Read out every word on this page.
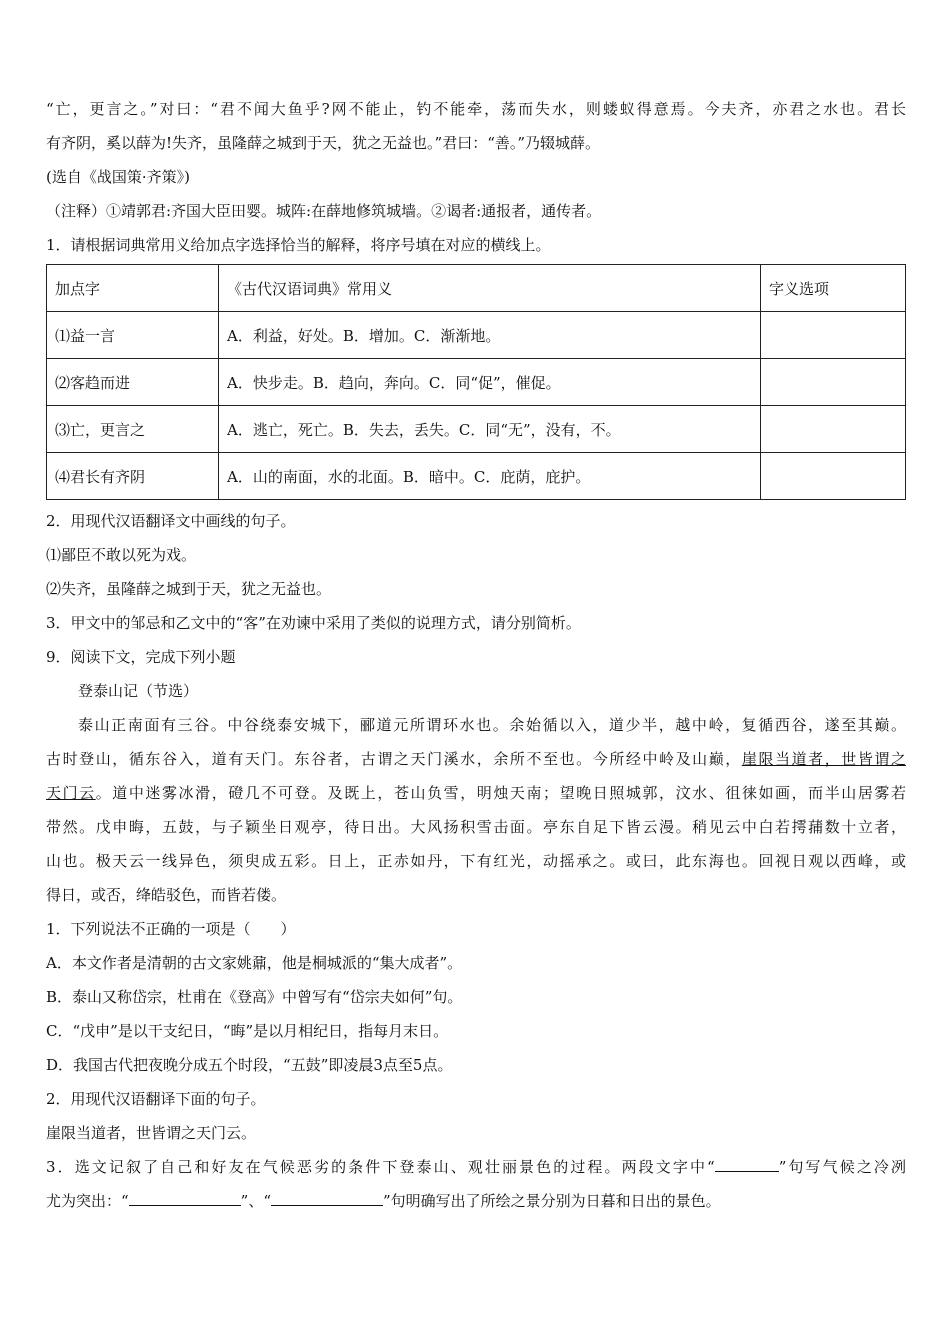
“亡，更言之。”对曰：“君不闻大鱼乎?网不能止，钓不能牵，荡而失水，则蝼蚁得意焉。今夫齐，亦君之水也。君长

有齐阴，奚以薛为!失齐，虽隆薛之城到于天，犹之无益也。”君曰：“善。”乃辍城薛。

(选自《战国策·齐策》)

（注释）①靖郭君:齐国大臣田婴。城阵:在薛地修筑城墙。②谒者:通报者，通传者。

1．请根据词典常用义给加点字选择恰当的解释，将序号填在对应的横线上。

加点字	《古代汉语词典》常用义	字义选项
⑴益一言	A．利益，好处。B．增加。C．渐渐地。	
⑵客趋而进	A．快步走。B．趋向，奔向。C．同“促”，催促。	
⑶亡，更言之	A．逃亡，死亡。B．失去，丢失。C．同“无”，没有，不。	
⑷君长有齐阴	A．山的南面，水的北面。B．暗中。C．庇荫，庇护。	

2．用现代汉语翻译文中画线的句子。

⑴鄙臣不敢以死为戏。

⑵失齐，虽隆薛之城到于天，犹之无益也。

3．甲文中的邹忌和乙文中的“客”在劝谏中采用了类似的说理方式，请分别简析。

9．阅读下文，完成下列小题

登泰山记（节选）

泰山正南面有三谷。中谷绕泰安城下，郦道元所谓环水也。余始循以入，道少半，越中岭，复循西谷，遂至其巅。

古时登山，循东谷入，道有天门。东谷者，古谓之天门溪水，余所不至也。今所经中岭及山巅，崖限当道者，世皆谓之

天门云。道中迷雾冰滑，磴几不可登。及既上，苍山负雪，明烛天南；望晚日照城郭，汶水、徂徕如画，而半山居雾若

带然。戊申晦，五鼓，与子颖坐日观亭，待日出。大风扬积雪击面。亭东自足下皆云漫。稍见云中白若摴蒱数十立者，

山也。极天云一线异色，须臾成五彩。日上，正赤如丹，下有红光，动摇承之。或曰，此东海也。回视日观以西峰，或

得日，或否，绛皓驳色，而皆若偻。

1．下列说法不正确的一项是（　　）

A．本文作者是清朝的古文家姚鼐，他是桐城派的“集大成者”。

B．泰山又称岱宗，杜甫在《登高》中曾写有“岱宗夫如何”句。

C．“戊申”是以干支纪日，“晦”是以月相纪日，指每月末日。

D．我国古代把夜晚分成五个时段，“五鼓”即凌晨3点至5点。

2．用现代汉语翻译下面的句子。

崖限当道者，世皆谓之天门云。

3．选文记叙了自己和好友在气候恶劣的条件下登泰山、观壮丽景色的过程。两段文字中“	”句写气候之冷冽

尤为突出：“	”、“	”句明确写出了所绘之景分别为日暮和日出的景色。
